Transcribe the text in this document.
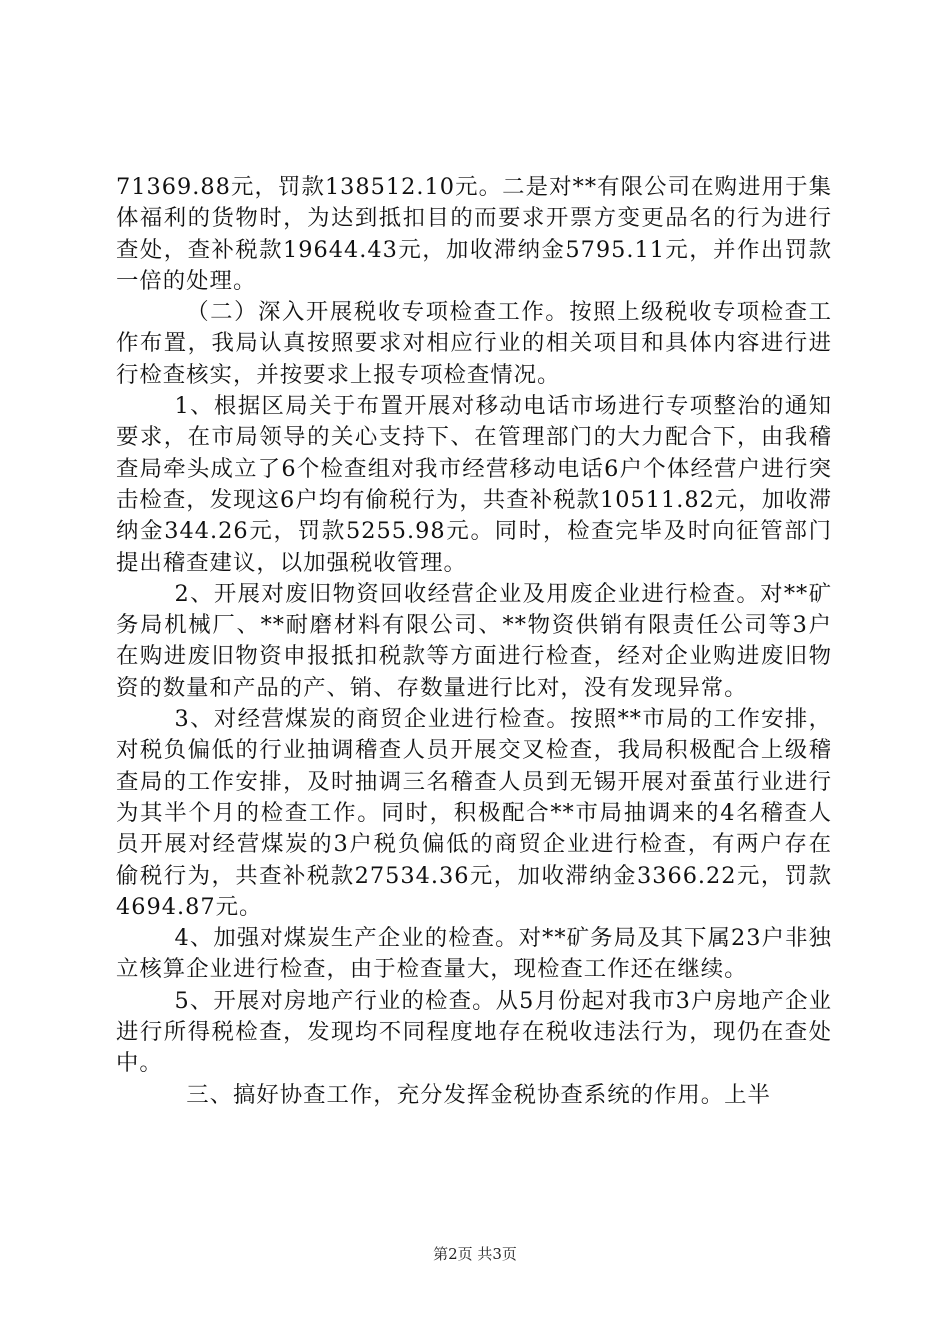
71369.88元，罚款138512.10元。二是对**有限公司在购进用于集体福利的货物时，为达到抵扣目的而要求开票方变更品名的行为进行查处，查补税款19644.43元，加收滞纳金5795.11元，并作出罚款一倍的处理。

（二）深入开展税收专项检查工作。按照上级税收专项检查工作布置，我局认真按照要求对相应行业的相关项目和具体内容进行进行检查核实，并按要求上报专项检查情况。

1、根据区局关于布置开展对移动电话市场进行专项整治的通知要求，在市局领导的关心支持下、在管理部门的大力配合下，由我稽查局牵头成立了6个检查组对我市经营移动电话6户个体经营户进行突击检查，发现这6户均有偷税行为，共查补税款10511.82元，加收滞纳金344.26元，罚款5255.98元。同时，检查完毕及时向征管部门提出稽查建议，以加强税收管理。

2、开展对废旧物资回收经营企业及用废企业进行检查。对**矿务局机械厂、**耐磨材料有限公司、**物资供销有限责任公司等3户在购进废旧物资申报抵扣税款等方面进行检查，经对企业购进废旧物资的数量和产品的产、销、存数量进行比对，没有发现异常。

3、对经营煤炭的商贸企业进行检查。按照**市局的工作安排，对税负偏低的行业抽调稽查人员开展交叉检查，我局积极配合上级稽查局的工作安排，及时抽调三名稽查人员到无锡开展对蚕茧行业进行为其半个月的检查工作。同时，积极配合**市局抽调来的4名稽查人员开展对经营煤炭的3户税负偏低的商贸企业进行检查，有两户存在偷税行为，共查补税款27534.36元，加收滞纳金3366.22元，罚款4694.87元。

4、加强对煤炭生产企业的检查。对**矿务局及其下属23户非独立核算企业进行检查，由于检查量大，现检查工作还在继续。

5、开展对房地产行业的检查。从5月份起对我市3户房地产企业进行所得税检查，发现均不同程度地存在税收违法行为，现仍在查处中。

三、搞好协查工作，充分发挥金税协查系统的作用。上半

第2页 共3页
